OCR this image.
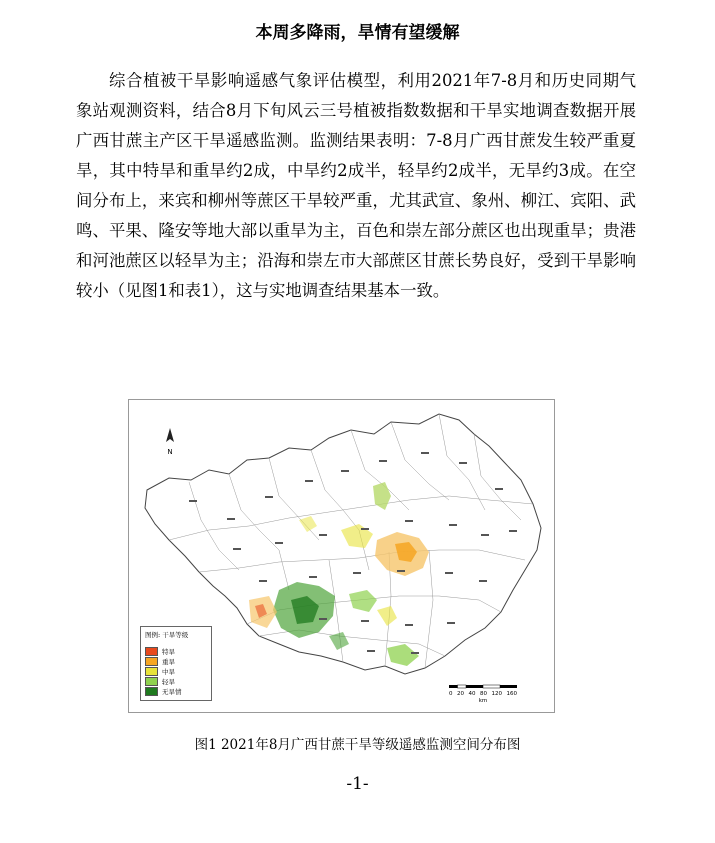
本周多降雨，旱情有望缓解

综合植被干旱影响遥感气象评估模型，利用2021年7-8月和历史同期气象站观测资料，结合8月下旬风云三号植被指数数据和干旱实地调查数据开展广西甘蔗主产区干旱遥感监测。监测结果表明：7-8月广西甘蔗发生较严重夏旱，其中特旱和重旱约2成，中旱约2成半，轻旱约2成半，无旱约3成。在空间分布上，来宾和柳州等蔗区干旱较严重，尤其武宣、象州、柳江、宾阳、武鸣、平果、隆安等地大部以重旱为主，百色和崇左部分蔗区也出现重旱；贵港和河池蔗区以轻旱为主；沿海和崇左市大部蔗区甘蔗长势良好，受到干旱影响较小（见图1和表1），这与实地调查结果基本一致。

N
图例: 干旱等级
特旱
重旱
中旱
轻旱
无旱情	0 20 40 80 120 160
km
图1 2021年8月广西甘蔗干旱等级遥感监测空间分布图
-1-
